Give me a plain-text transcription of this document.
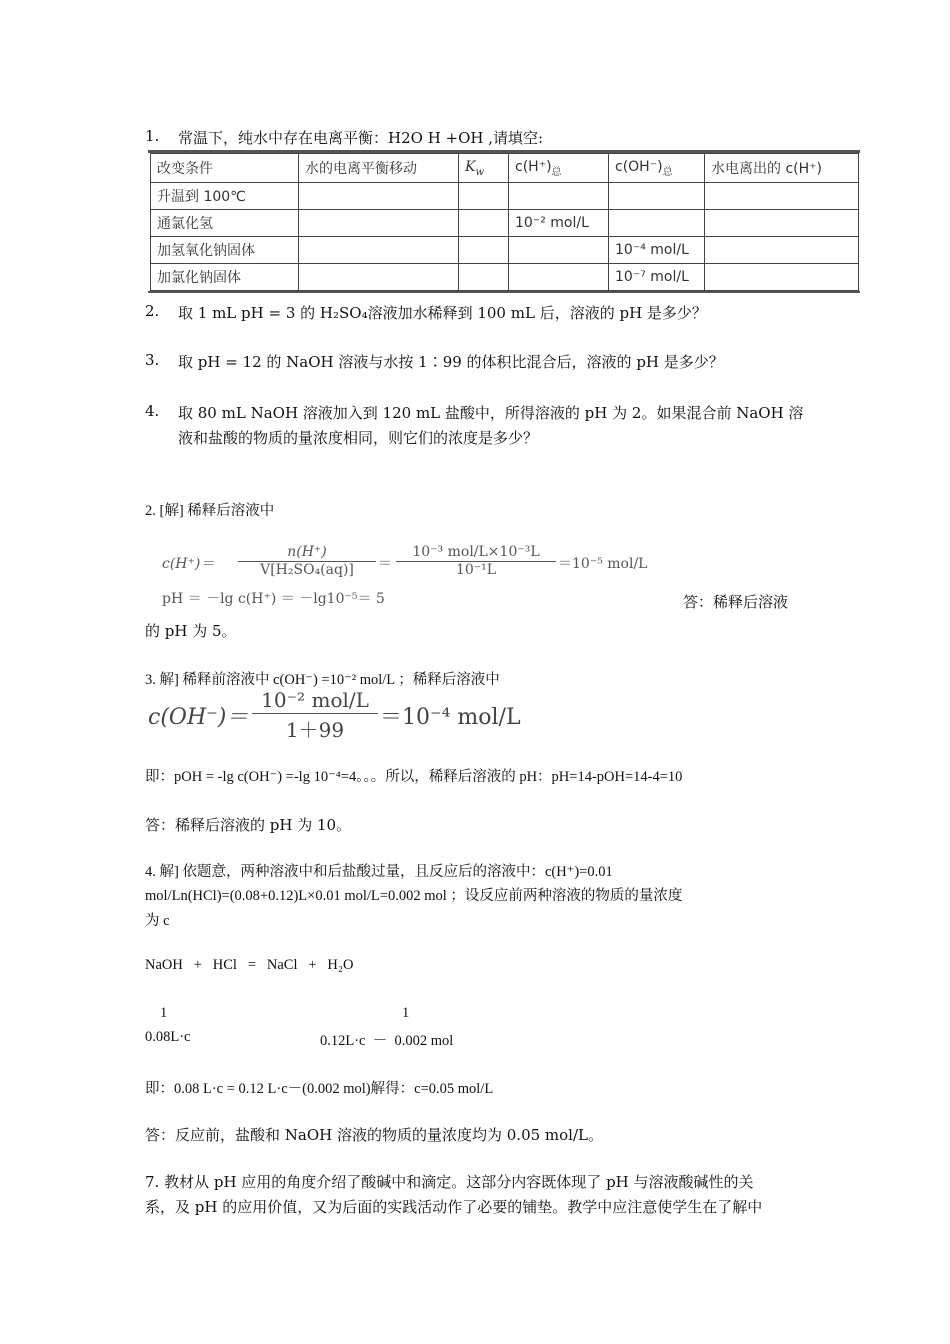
1. 常温下，纯水中存在电离平衡：H2O H +OH ,请填空:
改变条件	水的电离平衡移动	$K_w$	$c(H^+)_总$	$c(OH^-)_总$	水电离出的 c(H⁺)
升温到 100℃					
通氯化氢			10⁻² mol/L		
加氢氧化钠固体				10⁻⁴ mol/L	
加氯化钠固体				10⁻⁷ mol/L	
2. 取 1 mL pH = 3 的 H₂SO₄溶液加水稀释到 100 mL 后，溶液的 pH 是多少？
3. 取 pH = 12 的 NaOH 溶液与水按 1∶99 的体积比混合后，溶液的 pH 是多少？
4. 取 80 mL NaOH 溶液加入到 120 mL 盐酸中，所得溶液的 pH 为 2。如果混合前 NaOH 溶
液和盐酸的物质的量浓度相同，则它们的浓度是多少？
2. [解] 稀释后溶液中
$c(H^+)= \frac{n(H^+)}{\text{V[H₂SO₄(aq)]}}$ ＝
10⁻³ mol/L×10⁻³L
10⁻¹L	＝10⁻⁵ mol/L
pH ＝ －lg c(H⁺) ＝ －lg10⁻⁵＝ 5	答：稀释后溶液
的 pH 为 5。
3. 解] 稀释前溶液中 c(OH⁻) =10⁻² mol/L ；稀释后溶液中
c(OH⁻)＝
10⁻² mol/L
1＋99	＝10⁻⁴ mol/L
即：pOH = -lg c(OH⁻) =-lg 10⁻⁴=4。。。所以，稀释后溶液的 pH：pH=14-pOH=14-4=10
答：稀释后溶液的 pH 为 10。
4. 解] 依题意，两种溶液中和后盐酸过量，且反应后的溶液中：c(H⁺)=0.01
mol/Ln(HCl)=(0.08+0.12)L×0.01 mol/L=0.002 mol ；设反应前两种溶液的物质的量浓度
为 c
NaOH   +   HCl   =   NaCl   +   H₂O
1	1
0.08L·c	0.12L·c  －  0.002 mol
即：0.08 L·c = 0.12 L·c－(0.002 mol)解得：c=0.05 mol/L
答：反应前，盐酸和 NaOH 溶液的物质的量浓度均为 0.05 mol/L。
7. 教材从 pH 应用的角度介绍了酸碱中和滴定。这部分内容既体现了 pH 与溶液酸碱性的关
系，及 pH 的应用价值，又为后面的实践活动作了必要的铺垫。教学中应注意使学生在了解中
